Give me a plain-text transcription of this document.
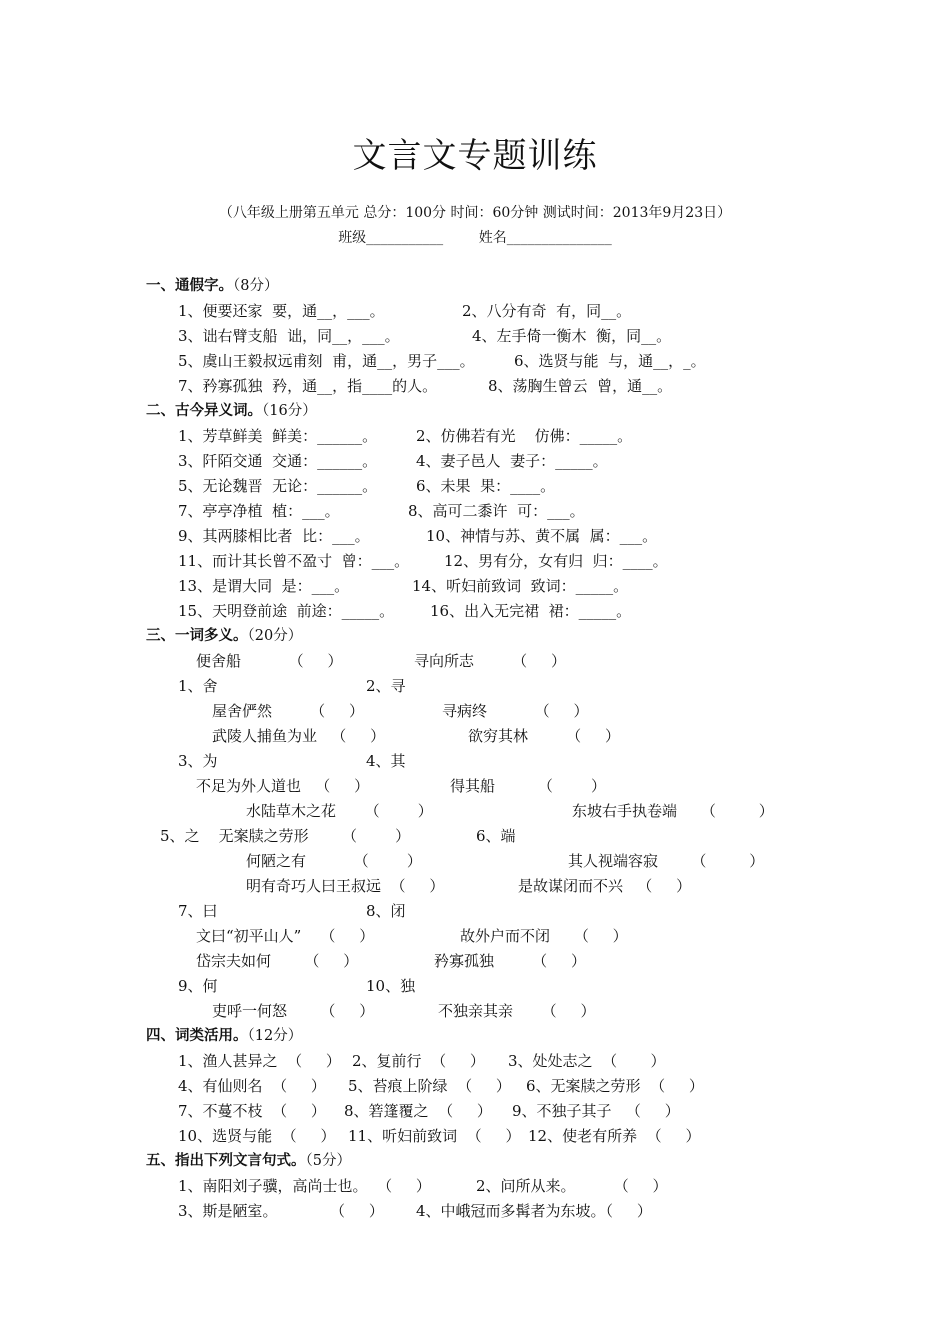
文言文专题训练
（八年级上册第五单元 总分：100分 时间：60分钟 测试时间：2013年9月23日）
班级___________        姓名_______________
一、通假字。（8分）
1、便要还家  要，通__，___。	2、八分有奇  有，同__。
3、诎右臂支船  诎，同__，___。	4、左手倚一衡木  衡，同__。
5、虞山王毅叔远甫刻  甫，通__，男子___。	6、选贤与能  与，通__，_。
7、矜寡孤独  矜，通__，指____的人。	8、荡胸生曾云  曾，通__。
二、古今异义词。（16分）
1、芳草鲜美  鲜美：______。	2、仿佛若有光    仿佛：_____。
3、阡陌交通  交通：______。	4、妻子邑人  妻子：_____。
5、无论魏晋  无论：______。	6、未果  果：____。
7、亭亭净植  植：___。	8、高可二黍许  可：___。
9、其两膝相比者  比：___。	10、神情与苏、黄不属  属：___。
11、而计其长曾不盈寸  曾：___。 12、男有分，女有归  归：____。
13、是谓大同  是：___。	14、听妇前致词  致词：_____。
15、天明登前途  前途：_____。 16、出入无完裙  裙：_____。
三、一词多义。（20分）
便舍船          （     ）	寻向所志        （     ）
1、舍	2、寻
屋舍俨然        （     ）	寻病终          （     ）
武陵人捕鱼为业   （     ）	欲穷其林        （     ）
3、为	4、其
不足为外人道也   （     ）	得其船         （        ）
水陆草木之花      （        ）	东坡右手执卷端     （         ）
5、之    无案牍之劳形       （        ）	6、端
何陋之有          （        ）	其人视端容寂       （         ）
明有奇巧人曰王叔远  （     ）	是故谋闭而不兴   （     ）
7、曰	8、闭
文曰“初平山人”    （     ）	故外户而不闭     （     ）
岱宗夫如何       （     ）	矜寡孤独        （     ）
9、何	10、独
吏呼一何怒       （     ）	不独亲其亲      （     ）
四、词类活用。（12分）
1、渔人甚异之  （     ） 2、复前行  （     ） 3、处处志之  （       ）
4、有仙则名  （     ） 5、苔痕上阶绿  （     ） 6、无案牍之劳形  （     ）
7、不蔓不枝  （     ） 8、箬篷覆之  （     ） 9、不独子其子   （     ）
10、选贤与能  （     ） 11、听妇前致词  （     ） 12、使老有所养  （     ）
五、指出下列文言句式。（5分）
1、南阳刘子骥，高尚士也。  （     ）	2、问所从来。        （     ）
3、斯是陋室。           （     ） 4、中峨冠而多髯者为东坡。（     ）
